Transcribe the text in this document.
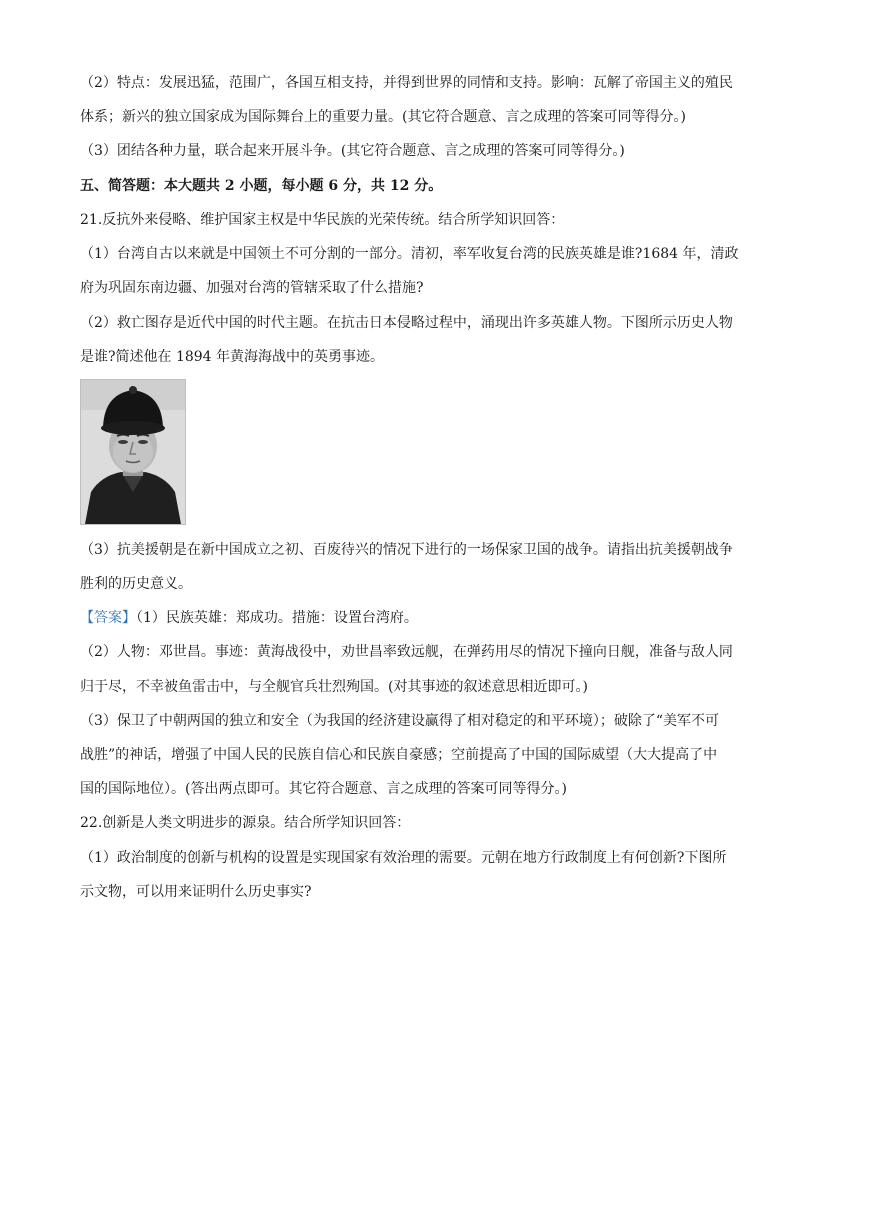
（2）特点：发展迅猛，范围广，各国互相支持，并得到世界的同情和支持。影响：瓦解了帝国主义的殖民
体系；新兴的独立国家成为国际舞台上的重要力量。(其它符合题意、言之成理的答案可同等得分。)
（3）团结各种力量，联合起来开展斗争。(其它符合题意、言之成理的答案可同等得分。)
五、简答题：本大题共 2 小题，每小题 6 分，共 12 分。
21.反抗外来侵略、维护国家主权是中华民族的光荣传统。结合所学知识回答：
（1）台湾自古以来就是中国领土不可分割的一部分。清初，率军收复台湾的民族英雄是谁?1684 年，清政
府为巩固东南边疆、加强对台湾的管辖采取了什么措施?
（2）救亡图存是近代中国的时代主题。在抗击日本侵略过程中，涌现出许多英雄人物。下图所示历史人物
是谁?简述他在 1894 年黄海海战中的英勇事迹。
（3）抗美援朝是在新中国成立之初、百废待兴的情况下进行的一场保家卫国的战争。请指出抗美援朝战争
胜利的历史意义。
【答案】（1）民族英雄：郑成功。措施：设置台湾府。
（2）人物：邓世昌。事迹：黄海战役中，劝世昌率致远舰，在弹药用尽的情况下撞向日舰，准备与敌人同
归于尽，不幸被鱼雷击中，与全舰官兵壮烈殉国。(对其事迹的叙述意思相近即可。)
（3）保卫了中朝两国的独立和安全（为我国的经济建设赢得了相对稳定的和平环境）；破除了“美军不可
战胜”的神话，增强了中国人民的民族自信心和民族自豪感；空前提高了中国的国际威望（大大提高了中
国的国际地位）。(答出两点即可。其它符合题意、言之成理的答案可同等得分。)
22.创新是人类文明进步的源泉。结合所学知识回答：
（1）政治制度的创新与机构的设置是实现国家有效治理的需要。元朝在地方行政制度上有何创新?下图所
示文物，可以用来证明什么历史事实?
